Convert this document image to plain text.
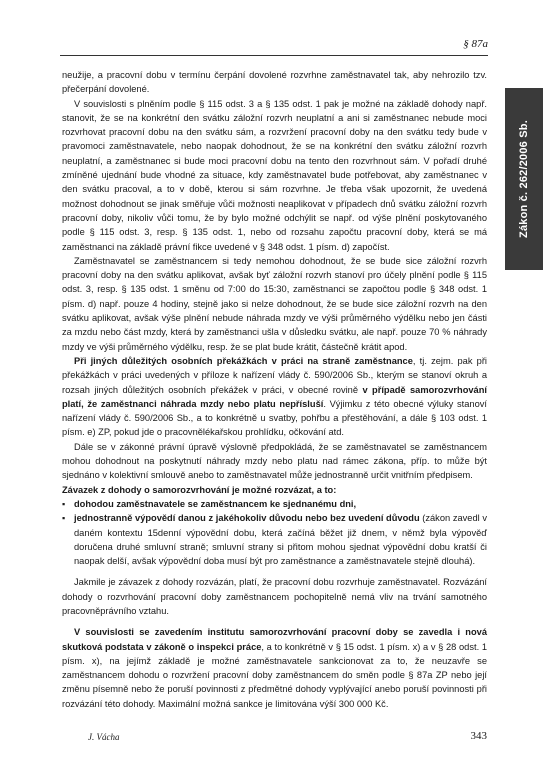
§ 87a
Zákon č. 262/2006 Sb.

neužije, a pracovní dobu v termínu čerpání dovolené rozvrhne zaměstnavatel tak, aby nehrozilo tzv. přečerpání dovolené.

V souvislosti s plněním podle § 115 odst. 3 a § 135 odst. 1 pak je možné na základě dohody např. stanovit, že se na konkrétní den svátku záložní rozvrh neuplatní a ani si zaměstnanec nebude moci rozvrhovat pracovní dobu na den svátku sám, a rozvržení pracovní doby na den svátku tedy bude v pravomoci zaměstnavatele, nebo naopak dohodnout, že se na konkrétní den svátku záložní rozvrh neuplatní, a zaměstnanec si bude moci pracovní dobu na tento den rozvrhnout sám. V pořadí druhé zmíněné ujednání bude vhodné za situace, kdy zaměstnavatel bude potřebovat, aby zaměstnanec v den svátku pracoval, a to v době, kterou si sám rozvrhne. Je třeba však upozornit, že uvedená možnost dohodnout se jinak směřuje vůči možnosti neaplikovat v případech dnů svátku záložní rozvrh pracovní doby, nikoliv vůči tomu, že by bylo možné odchýlit se např. od výše plnění poskytovaného podle § 115 odst. 3, resp. § 135 odst. 1, nebo od rozsahu započtu pracovní doby, která se má zaměstnanci na základě právní fikce uvedené v § 348 odst. 1 písm. d) započíst.

Zaměstnavatel se zaměstnancem si tedy nemohou dohodnout, že se bude sice záložní rozvrh pracovní doby na den svátku aplikovat, avšak byť záložní rozvrh stanoví pro účely plnění podle § 115 odst. 3, resp. § 135 odst. 1 směnu od 7:00 do 15:30, zaměstnanci se započtou podle § 348 odst. 1 písm. d) např. pouze 4 hodiny, stejně jako si nelze dohodnout, že se bude sice záložní rozvrh na den svátku aplikovat, avšak výše plnění nebude náhrada mzdy ve výši průměrného výdělku nebo jen části za mzdu nebo část mzdy, která by zaměstnanci ušla v důsledku svátku, ale např. pouze 70 % náhrady mzdy ve výši průměrného výdělku, resp. že se plat bude krátit, částečně krátit apod.

Při jiných důležitých osobních překážkách v práci na straně zaměstnance, tj. zejm. pak při překážkách v práci uvedených v příloze k nařízení vlády č. 590/2006 Sb., kterým se stanoví okruh a rozsah jiných důležitých osobních překážek v práci, v obecné rovině v případě samorozvrhování platí, že zaměstnanci náhrada mzdy nebo platu nepřísluší. Výjimku z této obecné výluky stanoví nařízení vlády č. 590/2006 Sb., a to konkrétně u svatby, pohřbu a přestěhování, a dále § 103 odst. 1 písm. e) ZP, pokud jde o pracovnělékařskou prohlídku, očkování atd.

Dále se v zákonné právní úpravě výslovně předpokládá, že se zaměstnavatel se zaměstnancem mohou dohodnout na poskytnutí náhrady mzdy nebo platu nad rámec zákona, příp. to může být sjednáno v kolektivní smlouvě anebo to zaměstnavatel může jednostranně určit vnitřním předpisem.

Závazek z dohody o samorozvrhování je možné rozvázat, a to:

▪ dohodou zaměstnavatele se zaměstnancem ke sjednanému dni,
▪ jednostranně výpovědí danou z jakéhokoliv důvodu nebo bez uvedení důvodu (zákon zavedl v daném kontextu 15denní výpovědní dobu, která začíná běžet již dnem, v němž byla výpověď doručena druhé smluvní straně; smluvní strany si přitom mohou sjednat výpovědní dobu kratší či naopak delší, avšak výpovědní doba musí být pro zaměstnance a zaměstnavatele stejně dlouhá).

Jakmile je závazek z dohody rozvázán, platí, že pracovní dobu rozvrhuje zaměstnavatel. Rozvázání dohody o rozvrhování pracovní doby zaměstnancem pochopitelně nemá vliv na trvání samotného pracovněprávního vztahu.

V souvislosti se zavedením institutu samorozvrhování pracovní doby se zavedla i nová skutková podstata v zákoně o inspekci práce, a to konkrétně v § 15 odst. 1 písm. x) a v § 28 odst. 1 písm. x), na jejímž základě je možné zaměstnavatele sankcionovat za to, že neuzavře se zaměstnancem dohodu o rozvržení pracovní doby zaměstnancem do směn podle § 87a ZP nebo její změnu písemně nebo že poruší povinnosti z předmětné dohody vyplývající anebo poruší povinnosti při rozvázání této dohody. Maximální možná sankce je limitována výší 300 000 Kč.

J. Vácha	343
